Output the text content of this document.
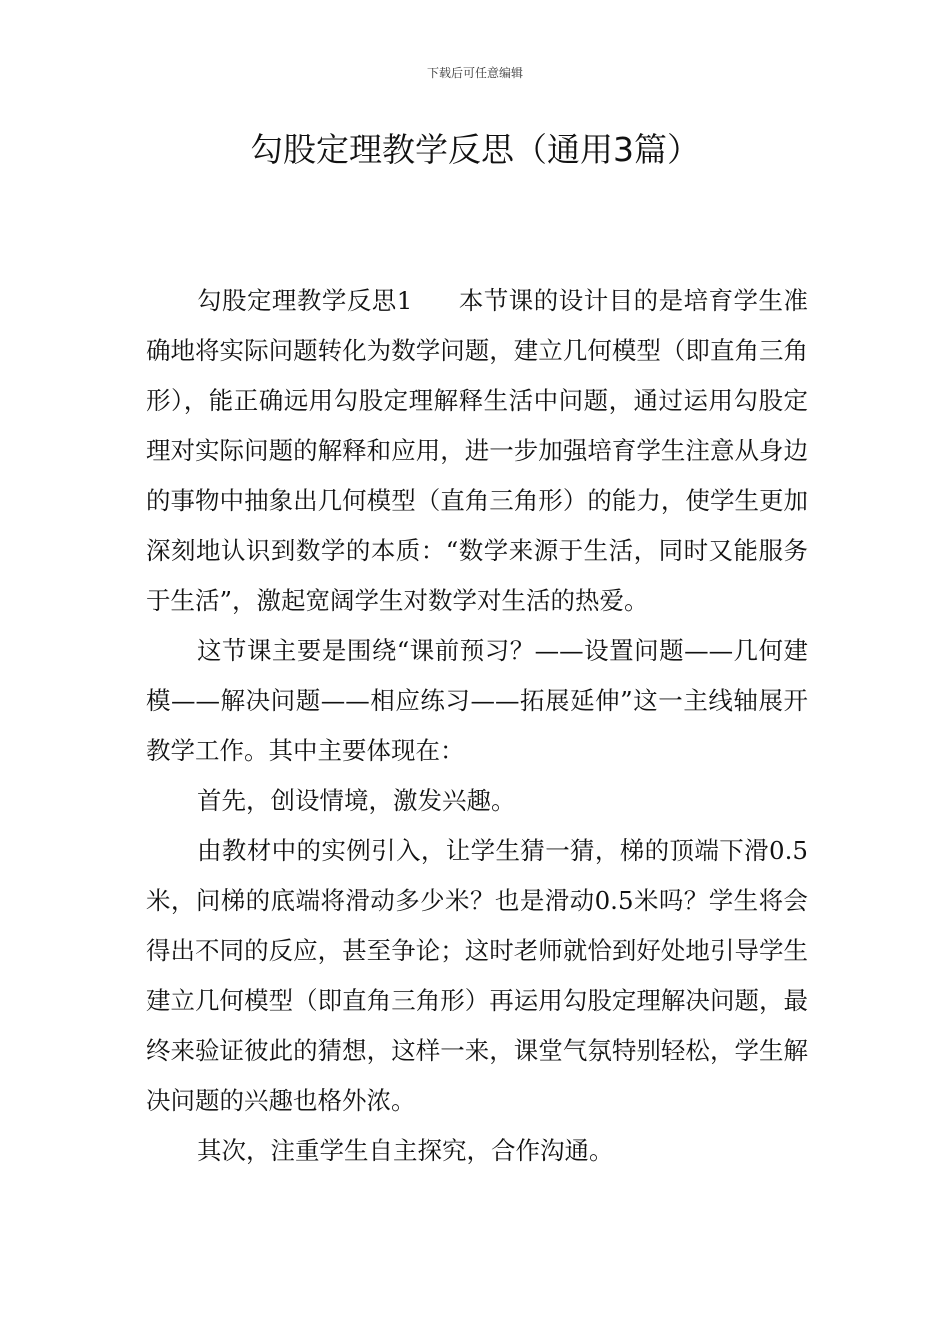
下载后可任意编辑
勾股定理教学反思（通用3篇）

勾股定理教学反思1 本节课的设计目的是培育学生准确地将实际问题转化为数学问题，建立几何模型（即直角三角形），能正确远用勾股定理解释生活中问题，通过运用勾股定理对实际问题的解释和应用，进一步加强培育学生注意从身边的事物中抽象出几何模型（直角三角形）的能力，使学生更加深刻地认识到数学的本质：“数学来源于生活，同时又能服务于生活”，激起宽阔学生对数学对生活的热爱。

这节课主要是围绕“课前预习？——设置问题——几何建模——解决问题——相应练习——拓展延伸”这一主线轴展开教学工作。其中主要体现在：

首先，创设情境，激发兴趣。

由教材中的实例引入，让学生猜一猜，梯的顶端下滑0.5米，问梯的底端将滑动多少米？也是滑动0.5米吗？学生将会得出不同的反应，甚至争论；这时老师就恰到好处地引导学生建立几何模型（即直角三角形）再运用勾股定理解决问题，最终来验证彼此的猜想，这样一来，课堂气氛特别轻松，学生解决问题的兴趣也格外浓。

其次，注重学生自主探究，合作沟通。
